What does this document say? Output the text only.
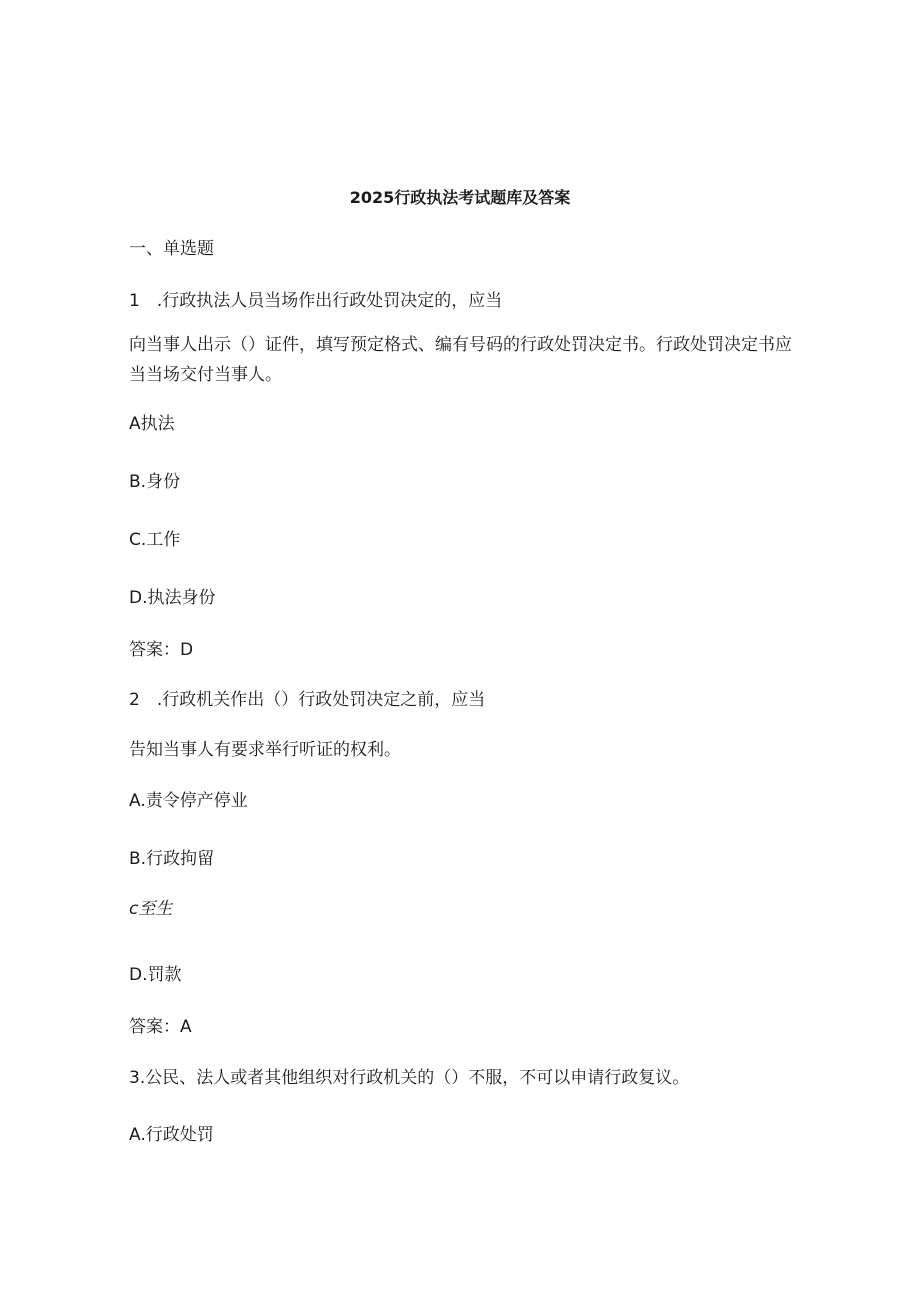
2025行政执法考试题库及答案
一、单选题
1　.行政执法人员当场作出行政处罚决定的，应当
向当事人出示（）证件，填写预定格式、编有号码的行政处罚决定书。行政处罚决定书应当当场交付当事人。
A执法
B.身份
C.工作
D.执法身份
答案：D
2　.行政机关作出（）行政处罚决定之前，应当
告知当事人有要求举行听证的权利。
A.责令停产停业
B.行政拘留
c至生
D.罚款
答案：A
3.公民、法人或者其他组织对行政机关的（）不服，不可以申请行政复议。
A.行政处罚
